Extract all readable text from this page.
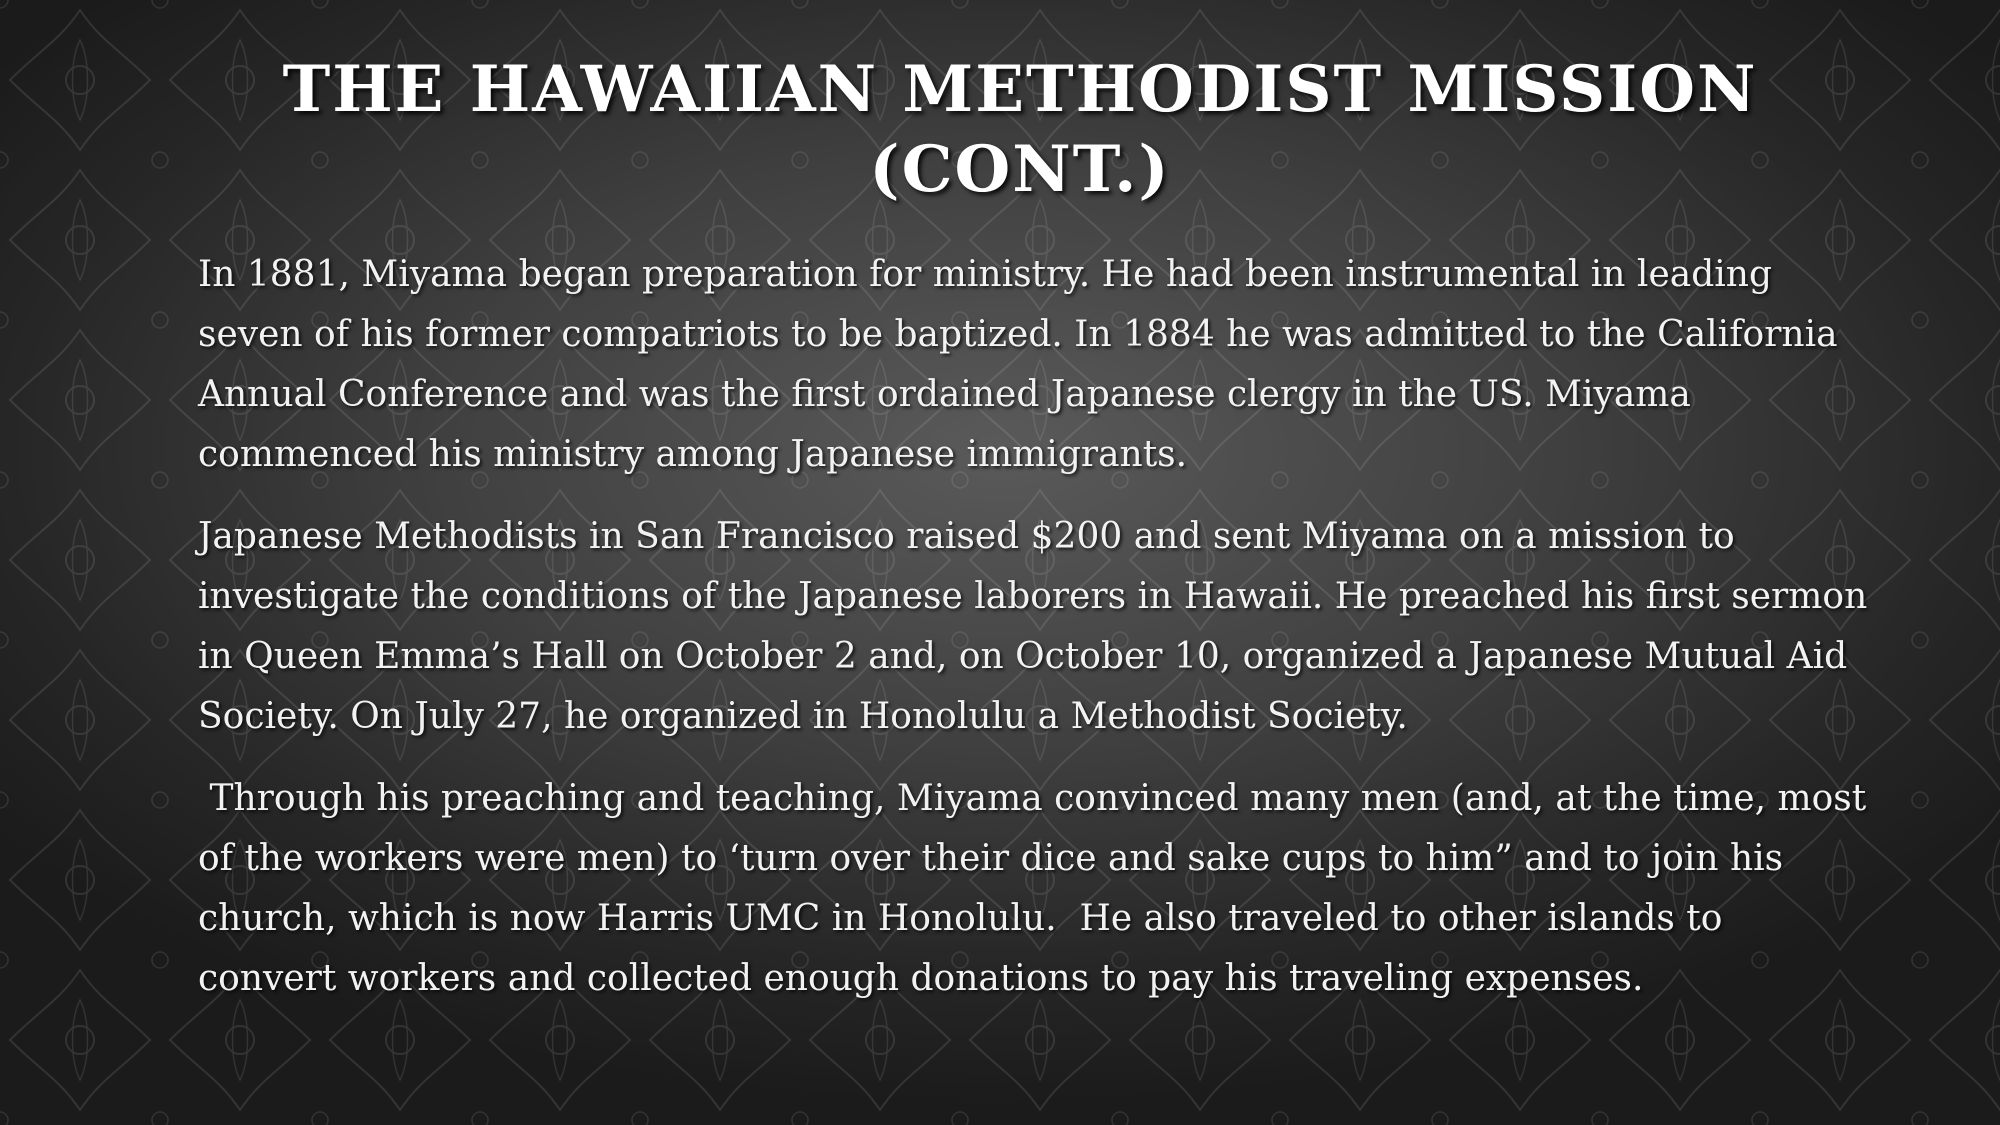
THE HAWAIIAN METHODIST MISSION
(CONT.)

In 1881, Miyama began preparation for ministry. He had been instrumental in leading seven of his former compatriots to be baptized. In 1884 he was admitted to the California Annual Conference and was the first ordained Japanese clergy in the US. Miyama commenced his ministry among Japanese immigrants.

Japanese Methodists in San Francisco raised $200 and sent Miyama on a mission to investigate the conditions of the Japanese laborers in Hawaii. He preached his first sermon in Queen Emma’s Hall on October 2 and, on October 10, organized a Japanese Mutual Aid Society. On July 27, he organized in Honolulu a Methodist Society.

Through his preaching and teaching, Miyama convinced many men (and, at the time, most of the workers were men) to ‘turn over their dice and sake cups to him” and to join his church, which is now Harris UMC in Honolulu.  He also traveled to other islands to convert workers and collected enough donations to pay his traveling expenses.
